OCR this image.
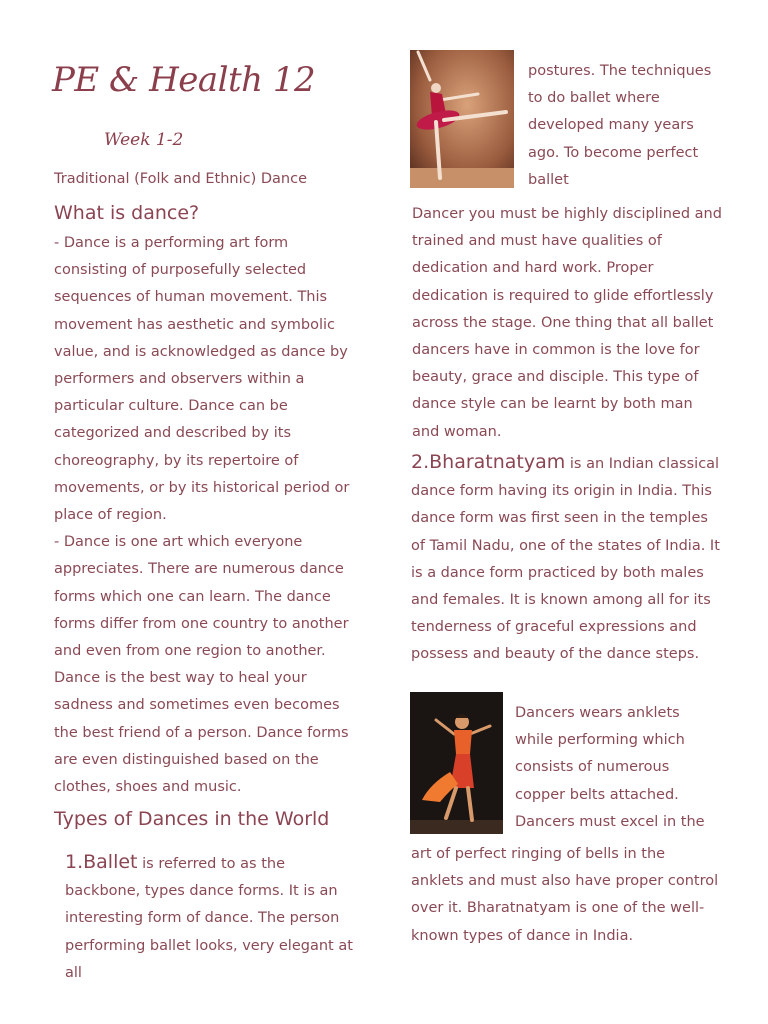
PE & Health 12
Week 1-2
Traditional (Folk and Ethnic) Dance
What is dance?
- Dance is a performing art form consisting of purposefully selected sequences of human movement. This movement has aesthetic and symbolic value, and is acknowledged as dance by performers and observers within a particular culture. Dance can be categorized and described by its choreography, by its repertoire of movements, or by its historical period or place of region.
- Dance is one art which everyone appreciates. There are numerous dance forms which one can learn. The dance forms differ from one country to another and even from one region to another. Dance is the best way to heal your sadness and sometimes even becomes the best friend of a person. Dance forms are even distinguished based on the clothes, shoes and music.
Types of Dances in the World
1.Ballet is referred to as the backbone, types dance forms. It is an interesting form of dance. The person performing ballet looks, very elegant at all
postures. The techniques to do ballet where developed many years ago. To become perfect ballet
Dancer you must be highly disciplined and trained and must have qualities of dedication and hard work. Proper dedication is required to glide effortlessly across the stage. One thing that all ballet dancers have in common is the love for beauty, grace and disciple. This type of dance style can be learnt by both man and woman.
2.Bharatnatyam is an Indian classical dance form having its origin in India. This dance form was first seen in the temples of Tamil Nadu, one of the states of India. It is a dance form practiced by both males and females. It is known among all for its tenderness of graceful expressions and possess and beauty of the dance steps.
Dancers wears anklets while performing which consists of numerous copper belts attached. Dancers must excel in the
art of perfect ringing of bells in the anklets and must also have proper control over it. Bharatnatyam is one of the well-known types of dance in India.
